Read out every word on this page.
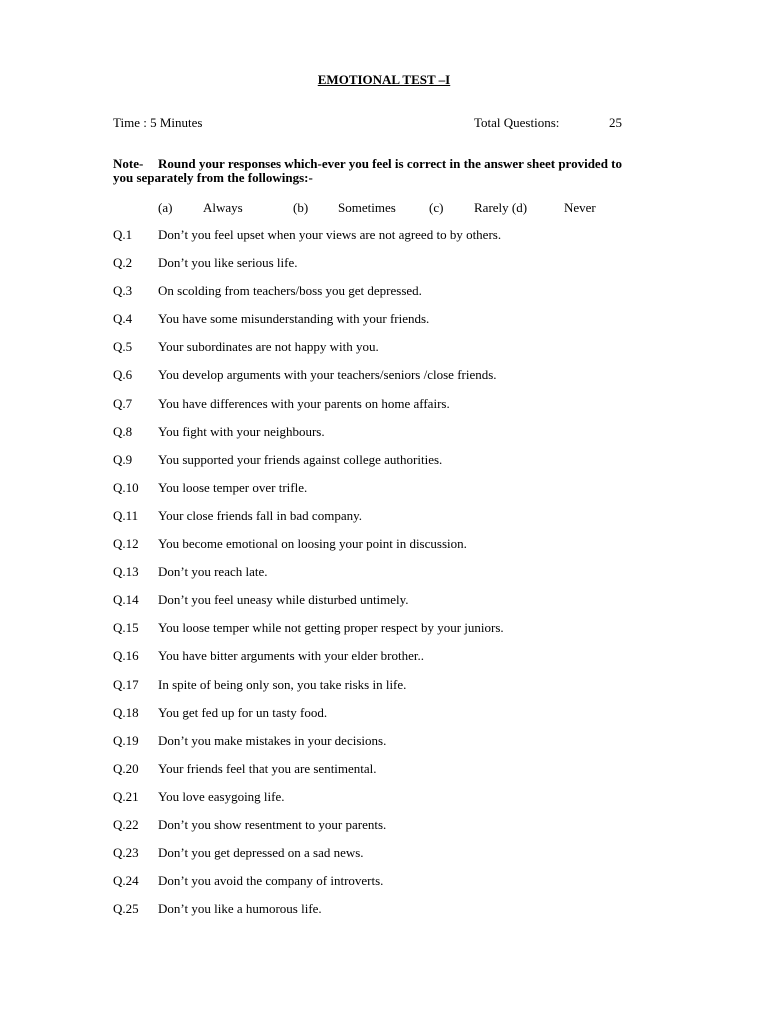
EMOTIONAL TEST –I
Time : 5 Minutes	Total Questions:	25
Note- Round your responses which-ever you feel is correct in the answer sheet provided to you separately from the followings:-
(a) Always	(b) Sometimes	(c) Rarely (d)	Never
Q.1 Don’t you feel upset when your views are not agreed to by others.
Q.2 Don’t you like serious life.
Q.3 On scolding from teachers/boss you get depressed.
Q.4 You have some misunderstanding with your friends.
Q.5 Your subordinates are not happy with you.
Q.6 You develop arguments with your teachers/seniors /close friends.
Q.7 You have differences with your parents on home affairs.
Q.8 You fight with your neighbours.
Q.9 You supported your friends against college authorities.
Q.10 You loose temper over trifle.
Q.11 Your close friends fall in bad company.
Q.12 You become emotional on loosing your point in discussion.
Q.13 Don’t you reach late.
Q.14 Don’t you feel uneasy while disturbed untimely.
Q.15 You loose temper while not getting proper respect by your juniors.
Q.16 You have bitter arguments with your elder brother..
Q.17 In spite of being only son, you take risks in life.
Q.18 You get fed up for un tasty food.
Q.19 Don’t you make mistakes in your decisions.
Q.20 Your friends feel that you are sentimental.
Q.21 You love easygoing life.
Q.22 Don’t you show resentment to your parents.
Q.23 Don’t you get depressed on a sad news.
Q.24 Don’t you avoid the company of introverts.
Q.25 Don’t you like a humorous life.
